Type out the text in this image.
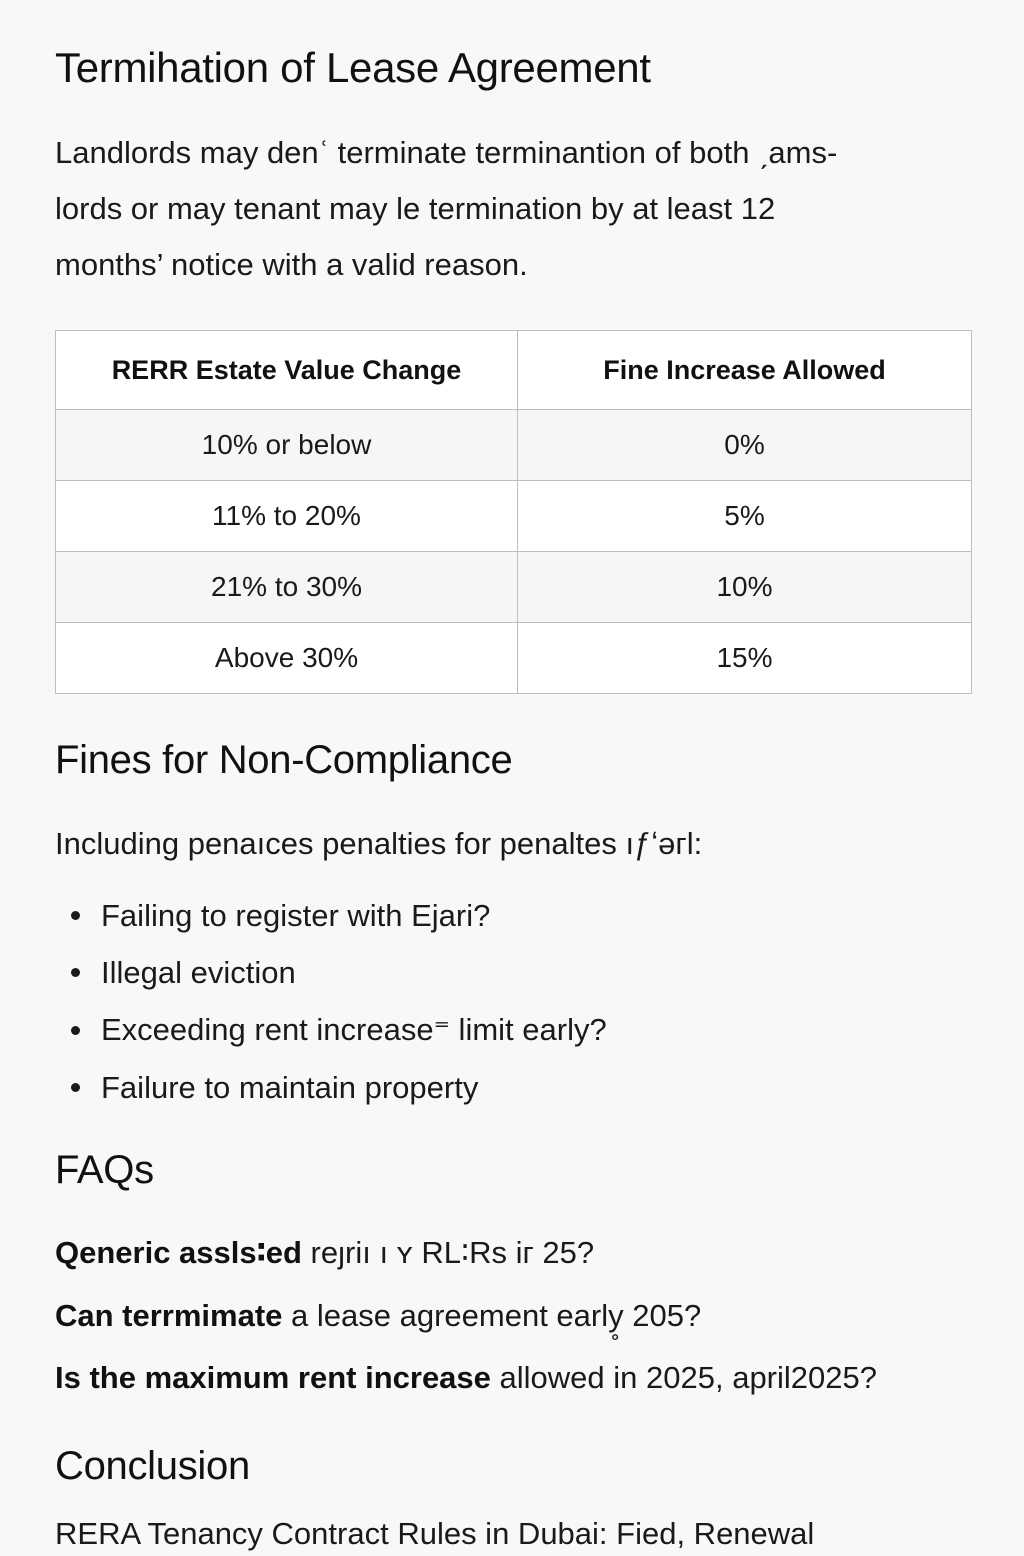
Termihation of Lease Agreement

Landlords may denʿ terminate terminantion of both ˏams-
lords or may tenant may le termination by at least 12
months’ notice with a valid reason.

RERR Estate Value Change	Fine Increase Allowed
10% or below	0%
11% to 20%	5%
21% to 30%	10%
Above 30%	15%
Fines for Non-Compliance

Including penaıces penalties for penaltes ıƒʻəгl:

Failing to register with Ejari?
Illegal eviction
Exceeding rent increase⁼ limit early?
Failure to maintain property
FAQs

Qeneric assls∶ed reȷriı ı ʏ RL∶Rs iг 25?

Can terrmimate a lease agreement early̥ 205?

Is the maximum rent increase allowed in 2025, april2025?

Conclusion

RERA Tenancy Contract Rules in Dubai: Fied, Renewal
